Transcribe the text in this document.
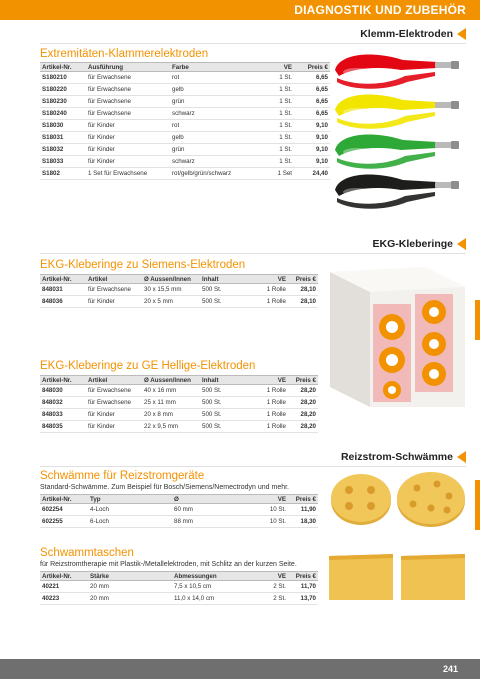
DIAGNOSTIK UND ZUBEHÖR
Klemm-Elektroden
Extremitäten-Klammerelektroden
Artikel-Nr.	Ausführung	Farbe	VE	Preis €
S180210	für Erwachsene	rot	1 St.	6,65
S180220	für Erwachsene	gelb	1 St.	6,65
S180230	für Erwachsene	grün	1 St.	6,65
S180240	für Erwachsene	schwarz	1 St.	6,65
S18030	für Kinder	rot	1 St.	9,10
S18031	für Kinder	gelb	1 St.	9,10
S18032	für Kinder	grün	1 St.	9,10
S18033	für Kinder	schwarz	1 St.	9,10
S1802	1 Set für Erwachsene	rot/gelb/grün/schwarz	1 Set	24,40
EKG-Kleberinge
EKG-Kleberinge zu Siemens-Elektroden
Artikel-Nr.	Artikel	Ø Aussen/Innen	Inhalt	VE	Preis €
848031	für Erwachsene	30 x 15,5 mm	500 St.	1 Rolle	28,10
848036	für Kinder	20 x 5 mm	500 St.	1 Rolle	28,10
EKG-Kleberinge zu GE Hellige-Elektroden
Artikel-Nr.	Artikel	Ø Aussen/Innen	Inhalt	VE	Preis €
848030	für Erwachsene	40 x 16 mm	500 St.	1 Rolle	28,20
848032	für Erwachsene	25 x 11 mm	500 St.	1 Rolle	28,20
848033	für Kinder	20 x 8 mm	500 St.	1 Rolle	28,20
848035	für Kinder	22 x 9,5 mm	500 St.	1 Rolle	28,20
Reizstrom-Schwämme
Schwämme für Reizstromgeräte
Standard-Schwämme. Zum Beispiel für Bosch/Siemens/Nemectrodyn und mehr.
Artikel-Nr.	Typ	Ø	VE	Preis €
602254	4-Loch	60 mm	10 St.	11,90
602255	6-Loch	88 mm	10 St.	18,30
Schwammtaschen
für Reizstromtherapie mit Plastik-/Metallelektroden, mit Schlitz an der kurzen Seite.
Artikel-Nr.	Stärke	Abmessungen	VE	Preis €
40221	20 mm	7,5 x 10,5 cm	2 St.	11,70
40223	20 mm	11,0 x 14,0 cm	2 St.	13,70
241
